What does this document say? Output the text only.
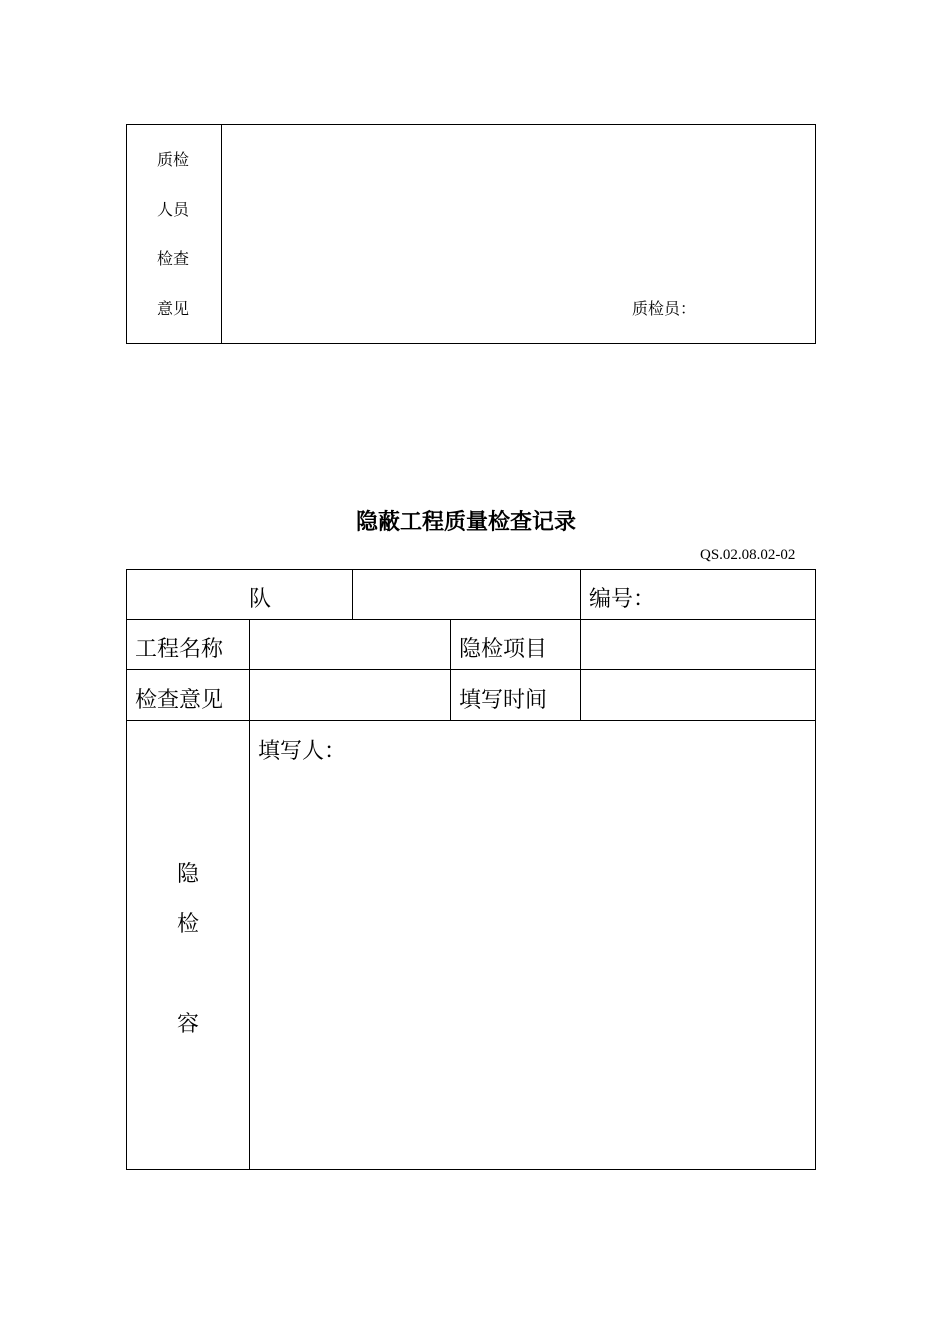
质检
人员
检查
意见	质检员：
隐蔽工程质量检查记录
QS.02.08.02-02
队	编号：
工程名称	隐检项目
检查意见	填写时间
隐
检
容
填写人：
